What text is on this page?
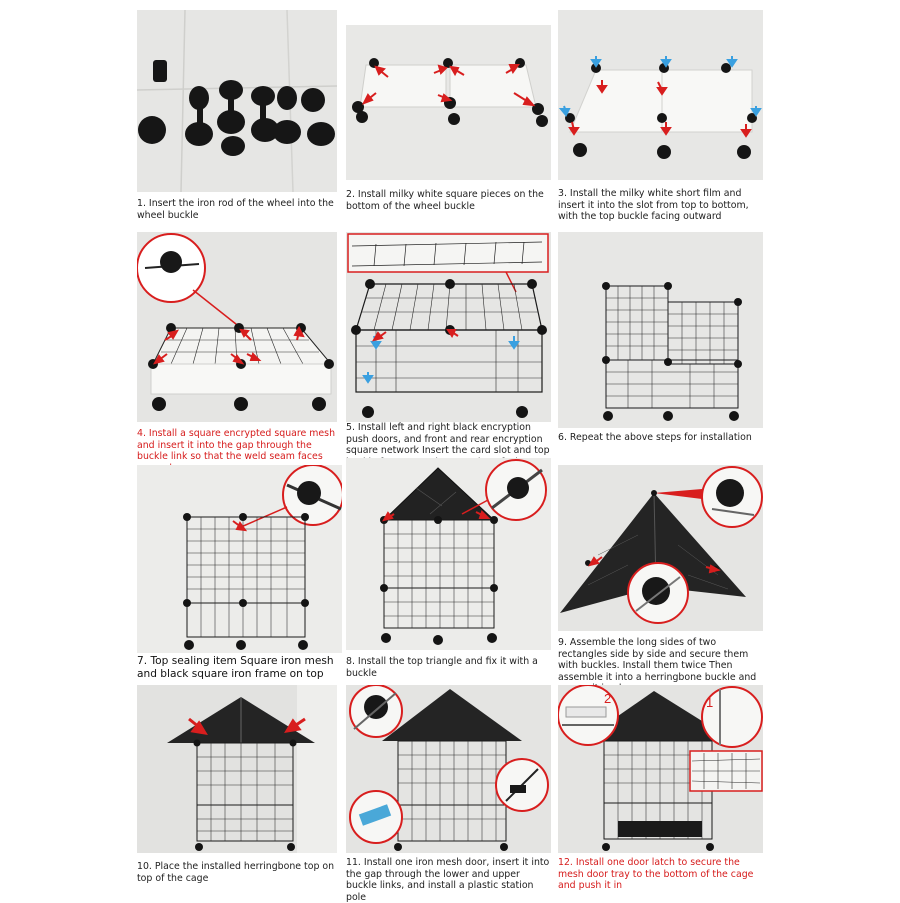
1. Insert the iron rod of the wheel into the wheel buckle
2. Install milky white square pieces on the bottom of the wheel buckle
3. Install the milky white short film and insert it into the slot from top to bottom, with the top buckle facing outward
4. Install a square encrypted square mesh and insert it into the gap through the buckle link so that the weld seam faces
5. Install left and right black encryption push doors, and front and rear encryption square network Insert the card slot and top
6. Repeat the above steps for installation
7. Top sealing item Square iron mesh and black square iron frame on top
8. Install the top triangle and fix it with a buckle
9. Assemble the long sides of two rectangles side by side and secure them with buckles. Install them twice Then assemble it into a herringbone buckle and
10. Place the installed herringbone top on top of the cage
11. Install one iron mesh door, insert it into the gap through the lower and upper buckle links, and install a plastic station pole
2	1
12. Install one door latch to secure the mesh door tray to the bottom of the cage and push it in
